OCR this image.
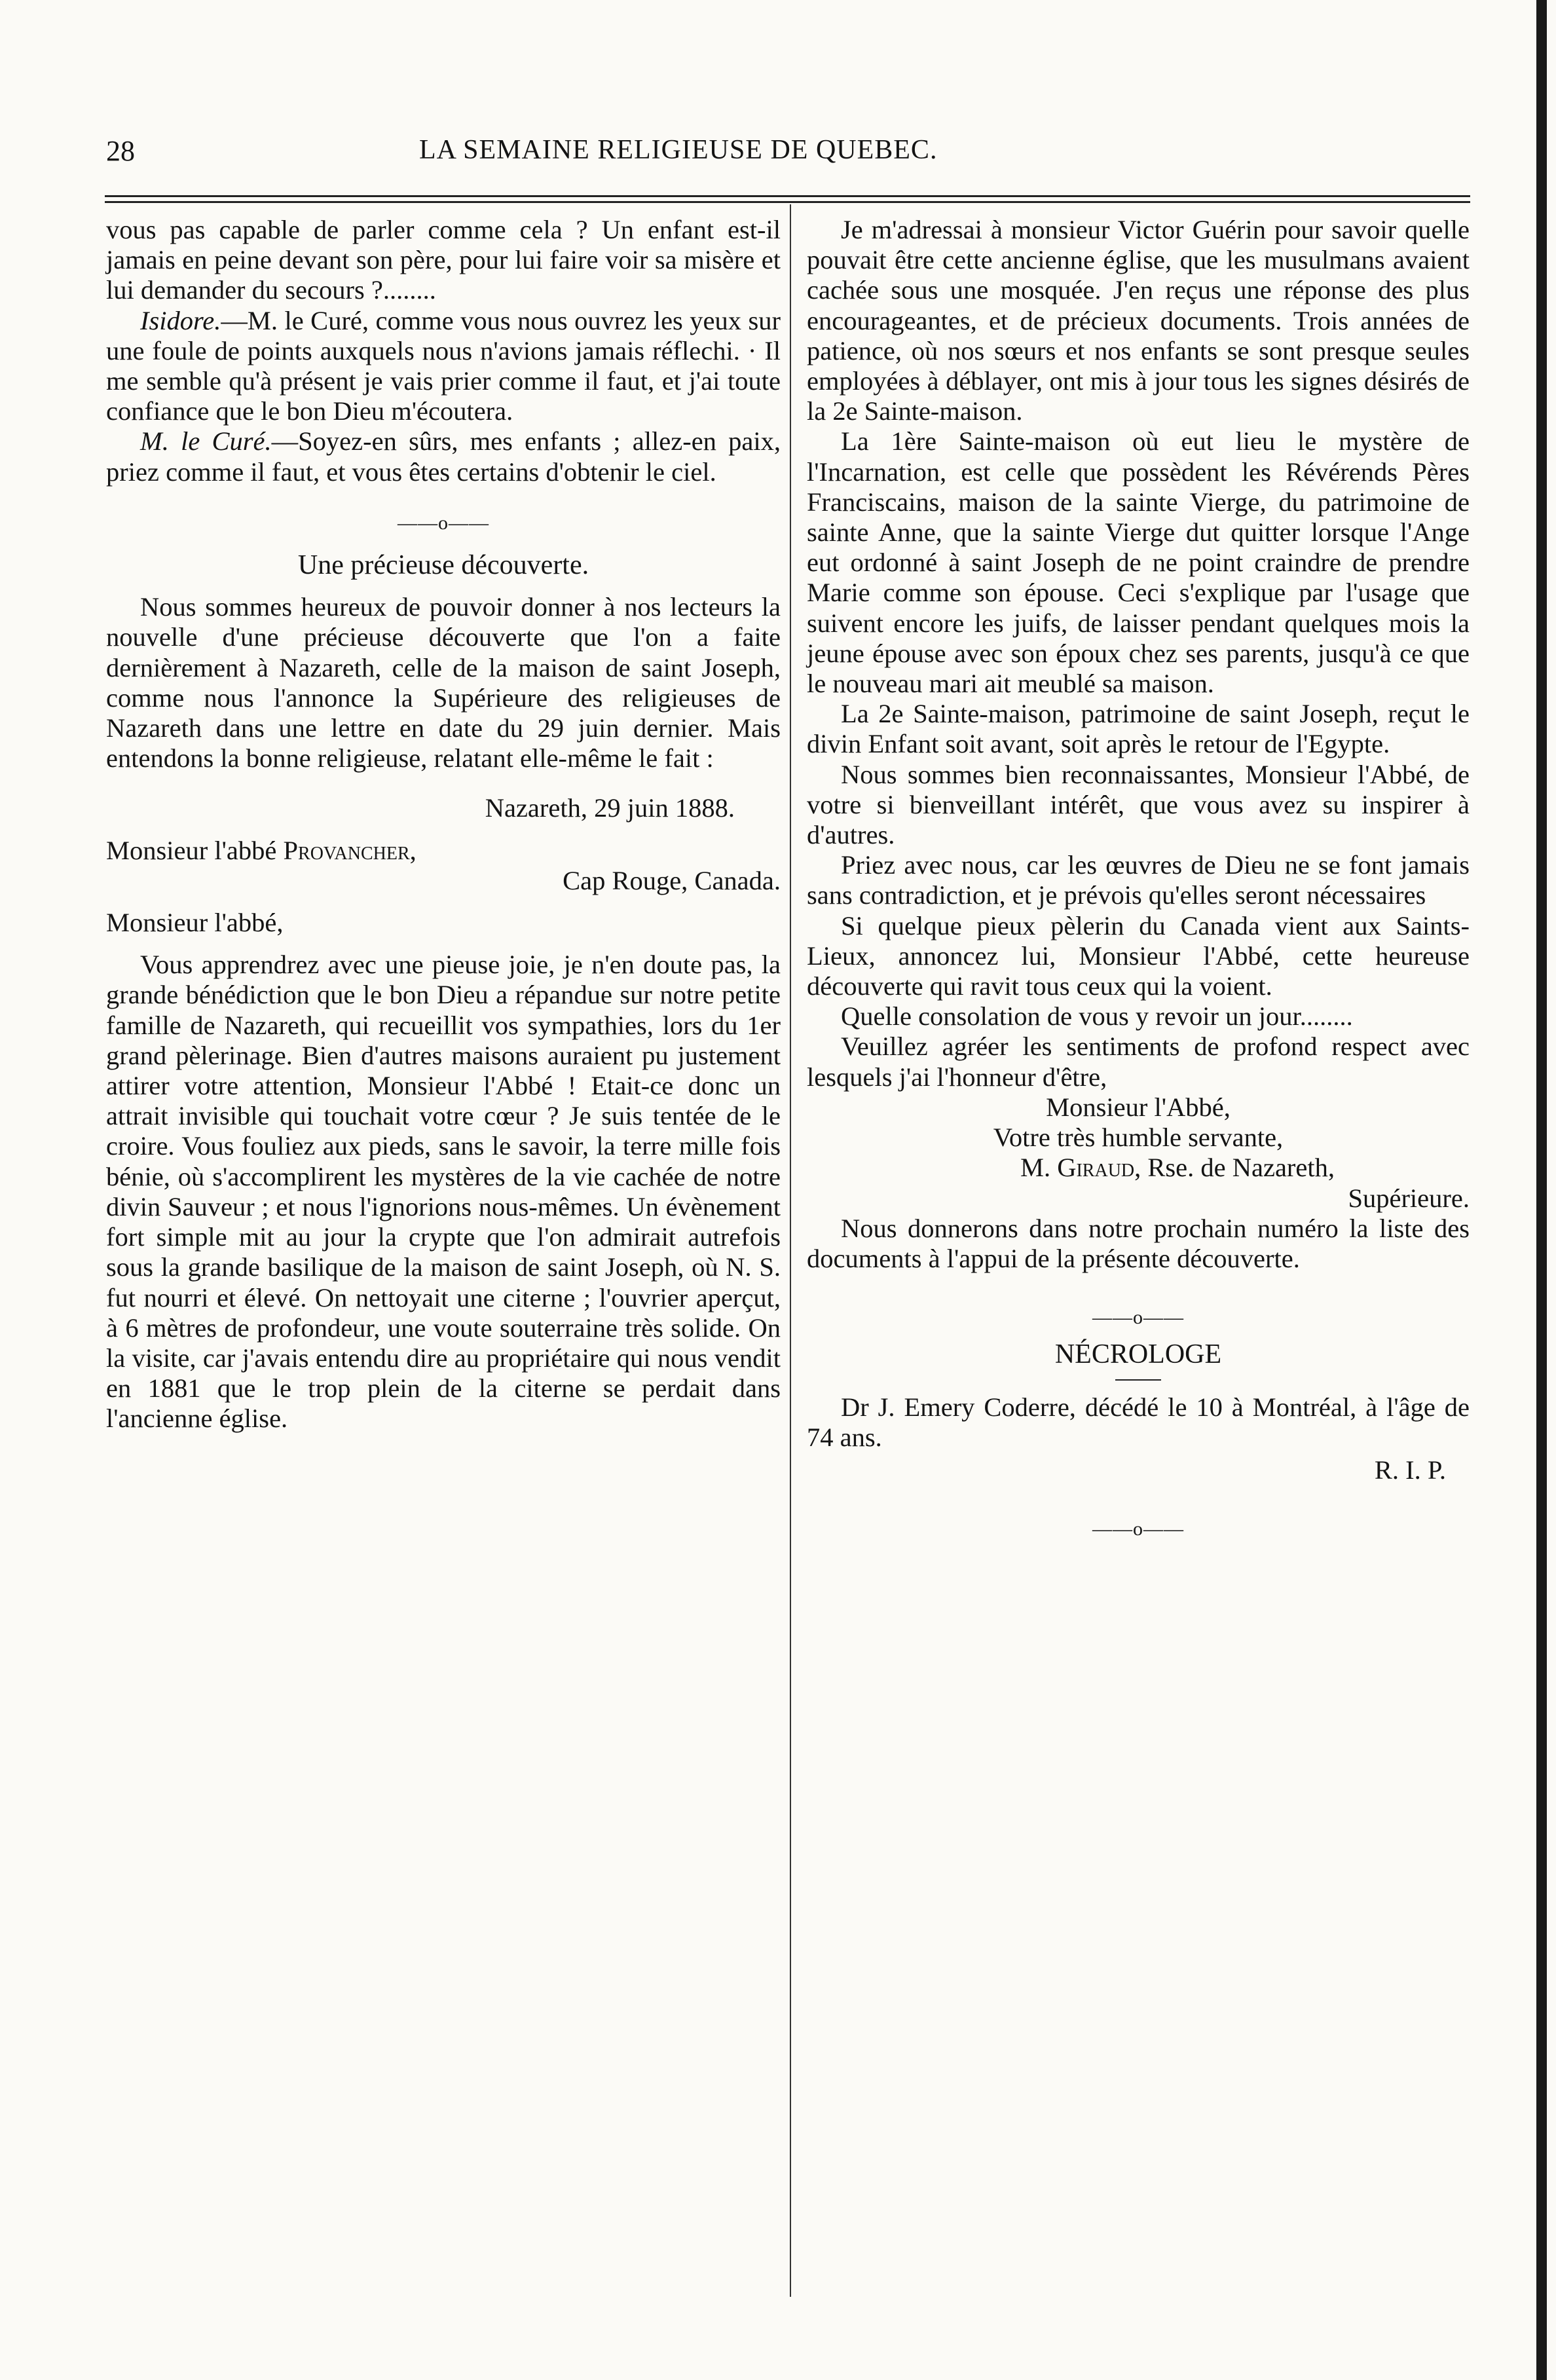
28	LA SEMAINE RELIGIEUSE DE QUEBEC.

vous pas capable de parler comme cela ? Un enfant est-il jamais en peine devant son père, pour lui faire voir sa misère et lui demander du secours ?........

Isidore.—M. le Curé, comme vous nous ouvrez les yeux sur une foule de points auxquels nous n'avions jamais réflechi. · Il me semble qu'à présent je vais prier comme il faut, et j'ai toute confiance que le bon Dieu m'écoutera.

M. le Curé.—Soyez-en sûrs, mes enfants ; allez-en paix, priez comme il faut, et vous êtes certains d'obtenir le ciel.

——o——
Une précieuse découverte.

Nous sommes heureux de pouvoir donner à nos lecteurs la nouvelle d'une précieuse découverte que l'on a faite dernièrement à Nazareth, celle de la maison de saint Joseph, comme nous l'annonce la Supérieure des religieuses de Nazareth dans une lettre en date du 29 juin dernier. Mais entendons la bonne religieuse, relatant elle-même le fait :

Nazareth, 29 juin 1888.

Monsieur l'abbé Provancher,

Cap Rouge, Canada.

Monsieur l'abbé,

Vous apprendrez avec une pieuse joie, je n'en doute pas, la grande bénédiction que le bon Dieu a répandue sur notre petite famille de Nazareth, qui recueillit vos sympathies, lors du 1er grand pèlerinage. Bien d'autres maisons auraient pu justement attirer votre attention, Monsieur l'Abbé ! Etait-ce donc un attrait invisible qui touchait votre cœur ? Je suis tentée de le croire. Vous fouliez aux pieds, sans le savoir, la terre mille fois bénie, où s'accomplirent les mystères de la vie cachée de notre divin Sauveur ; et nous l'ignorions nous-mêmes. Un évènement fort simple mit au jour la crypte que l'on admirait autrefois sous la grande basilique de la maison de saint Joseph, où N. S. fut nourri et élevé. On nettoyait une citerne ; l'ouvrier aperçut, à 6 mètres de profondeur, une voute souterraine très solide. On la visite, car j'avais entendu dire au propriétaire qui nous vendit en 1881 que le trop plein de la citerne se perdait dans l'ancienne église.

Je m'adressai à monsieur Victor Guérin pour savoir quelle pouvait être cette ancienne église, que les musulmans avaient cachée sous une mosquée. J'en reçus une réponse des plus encourageantes, et de précieux documents. Trois années de patience, où nos sœurs et nos enfants se sont presque seules employées à déblayer, ont mis à jour tous les signes désirés de la 2e Sainte-maison.

La 1ère Sainte-maison où eut lieu le mystère de l'Incarnation, est celle que possèdent les Révérends Pères Franciscains, maison de la sainte Vierge, du patrimoine de sainte Anne, que la sainte Vierge dut quitter lorsque l'Ange eut ordonné à saint Joseph de ne point craindre de prendre Marie comme son épouse. Ceci s'explique par l'usage que suivent encore les juifs, de laisser pendant quelques mois la jeune épouse avec son époux chez ses parents, jusqu'à ce que le nouveau mari ait meublé sa maison.

La 2e Sainte-maison, patrimoine de saint Joseph, reçut le divin Enfant soit avant, soit après le retour de l'Egypte.

Nous sommes bien reconnaissantes, Monsieur l'Abbé, de votre si bienveillant intérêt, que vous avez su inspirer à d'autres.

Priez avec nous, car les œuvres de Dieu ne se font jamais sans contradiction, et je prévois qu'elles seront nécessaires

Si quelque pieux pèlerin du Canada vient aux Saints-Lieux, annoncez lui, Monsieur l'Abbé, cette heureuse découverte qui ravit tous ceux qui la voient.

Quelle consolation de vous y revoir un jour........

Veuillez agréer les sentiments de profond respect avec lesquels j'ai l'honneur d'être,

Monsieur l'Abbé,

Votre très humble servante,

M. Giraud, Rse. de Nazareth,

Supérieure.

Nous donnerons dans notre prochain numéro la liste des documents à l'appui de la présente découverte.

——o——
NÉCROLOGE

Dr J. Emery Coderre, décédé le 10 à Montréal, à l'âge de 74 ans.

R. I. P.

——o——
